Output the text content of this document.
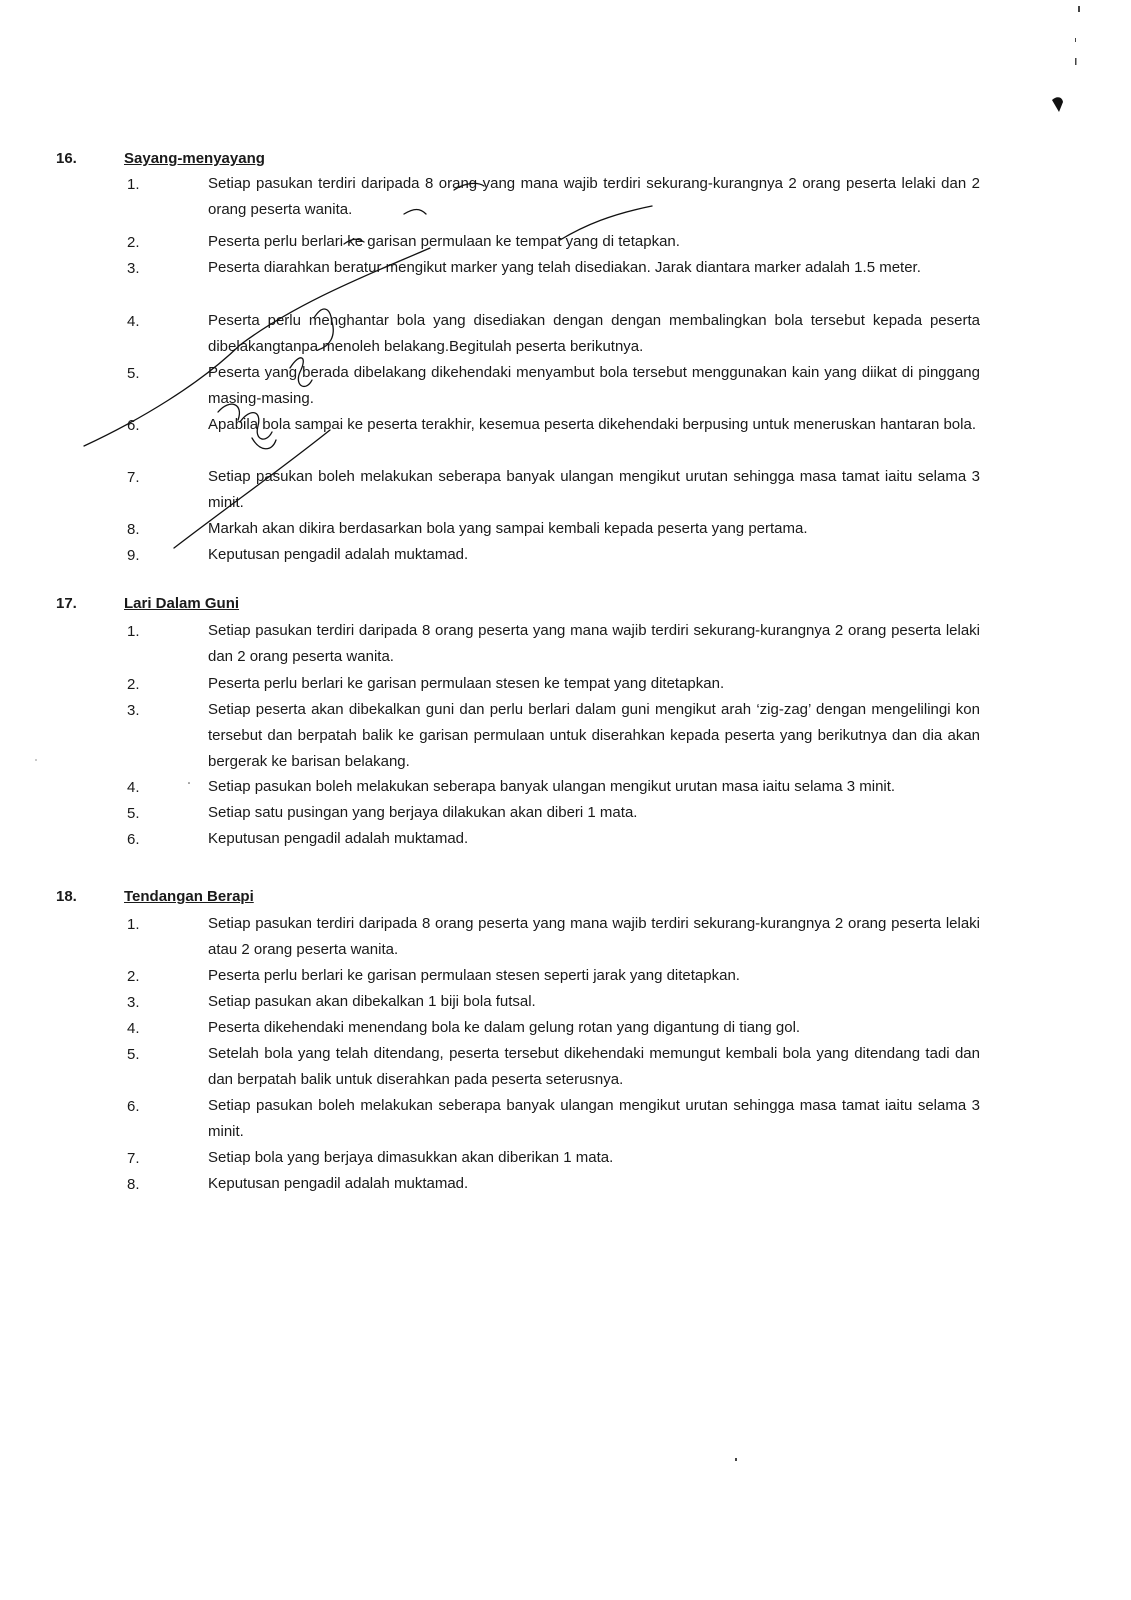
16.	Sayang-menyayang
1.	Setiap pasukan terdiri daripada 8 orang yang mana wajib terdiri sekurang-kurangnya 2 orang peserta lelaki dan 2 orang peserta wanita.
2.	Peserta perlu berlari ke garisan permulaan ke tempat yang di tetapkan.
3.	Peserta diarahkan beratur mengikut marker yang telah disediakan. Jarak diantara marker adalah 1.5 meter.
4.	Peserta perlu menghantar bola yang disediakan dengan dengan membalingkan bola tersebut kepada peserta dibelakangtanpa menoleh belakang.Begitulah peserta berikutnya.
5.	Peserta yang berada dibelakang dikehendaki menyambut bola tersebut menggunakan kain yang diikat di pinggang masing-masing.
6.	Apabila bola sampai ke peserta terakhir, kesemua peserta dikehendaki berpusing untuk meneruskan hantaran bola.
7.	Setiap pasukan boleh melakukan seberapa banyak ulangan mengikut urutan sehingga masa tamat iaitu selama 3 minit.
8.	Markah akan dikira berdasarkan bola yang sampai kembali kepada peserta yang pertama.
9.	Keputusan pengadil adalah muktamad.
17.	Lari Dalam Guni
1.	Setiap pasukan terdiri daripada 8 orang peserta yang mana wajib terdiri sekurang-kurangnya 2 orang peserta lelaki dan 2 orang peserta wanita.
2.	Peserta perlu berlari ke garisan permulaan stesen ke tempat yang ditetapkan.
3.	Setiap peserta akan dibekalkan guni dan perlu berlari dalam guni mengikut arah ‘zig-zag’ dengan mengelilingi kon tersebut dan berpatah balik ke garisan permulaan untuk diserahkan kepada peserta yang berikutnya dan dia akan bergerak ke barisan belakang.
4.	Setiap pasukan boleh melakukan seberapa banyak ulangan mengikut urutan masa iaitu selama 3 minit.
5.	Setiap satu pusingan yang berjaya dilakukan akan diberi 1 mata.
6.	Keputusan pengadil adalah muktamad.
18.	Tendangan Berapi
1.	Setiap pasukan terdiri daripada 8 orang peserta yang mana wajib terdiri sekurang-kurangnya 2 orang peserta lelaki atau 2 orang peserta wanita.
2.	Peserta perlu berlari ke garisan permulaan stesen seperti jarak yang ditetapkan.
3.	Setiap pasukan akan dibekalkan 1 biji bola futsal.
4.	Peserta dikehendaki menendang bola ke dalam gelung rotan yang digantung di tiang gol.
5.	Setelah bola yang telah ditendang, peserta tersebut dikehendaki memungut kembali bola yang ditendang tadi dan dan berpatah balik untuk diserahkan pada peserta seterusnya.
6.	Setiap pasukan boleh melakukan seberapa banyak ulangan mengikut urutan sehingga masa tamat iaitu selama 3 minit.
7.	Setiap bola yang berjaya dimasukkan akan diberikan 1 mata.
8.	Keputusan pengadil adalah muktamad.
